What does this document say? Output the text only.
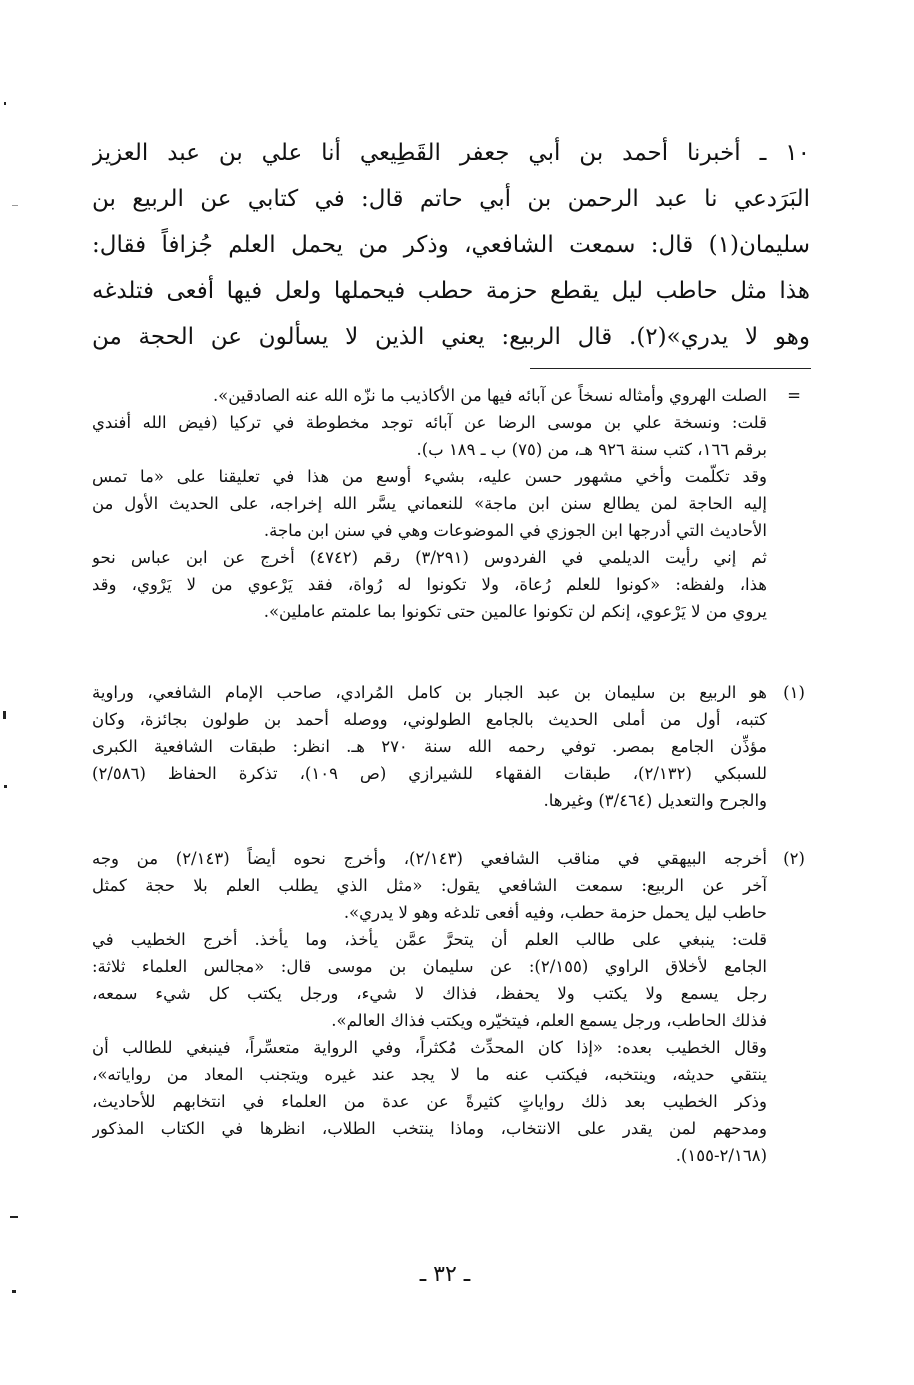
١٠ ـ أخبرنا أحمد بن أبي جعفر القَطِيعي أنا علي بن عبد العزيز
البَرَدعي نا عبد الرحمن بن أبي حاتم قال: في كتابي عن الربيع بن
سليمان(١) قال: سمعت الشافعي، وذكر من يحمل العلم جُزافاً فقال:
هذا مثل حاطب ليل يقطع حزمة حطب فيحملها ولعل فيها أفعى فتلدغه
وهو لا يدري»(٢). قال الربيع: يعني الذين لا يسألون عن الحجة من
=
الصلت الهروي وأمثاله نسخاً عن آبائه فيها من الأكاذيب ما نزّه الله عنه الصادقين».
قلت: ونسخة علي بن موسى الرضا عن آبائه توجد مخطوطة في تركيا (فيض الله أفندي
برقم ١٦٦، كتب سنة ٩٢٦ هـ، من (٧٥) ب ـ ١٨٩ ب).
وقد تكلّمت وأخي مشهور حسن عليه، بشيء أوسع من هذا في تعليقنا على «ما تمس
إليه الحاجة لمن يطالع سنن ابن ماجة» للنعماني يسَّر الله إخراجه، على الحديث الأول من
الأحاديث التي أدرجها ابن الجوزي في الموضوعات وهي في سنن ابن ماجة.
ثم إني رأيت الديلمي في الفردوس (٣/٢٩١) رقم (٤٧٤٢) أخرج عن ابن عباس نحو
هذا، ولفظه: «كونوا للعلم رُعاة، ولا تكونوا له رُواة، فقد يَرْعوي من لا يَرْوي، وقد
يروي من لا يَرْعوي، إنكم لن تكونوا عالمين حتى تكونوا بما علمتم عاملين».
(١)
هو الربيع بن سليمان بن عبد الجبار بن كامل المُرادي، صاحب الإمام الشافعي، وراوية
كتبه، أول من أملى الحديث بالجامع الطولوني، ووصله أحمد بن طولون بجائزة، وكان
مؤذِّن الجامع بمصر. توفي رحمه الله سنة ٢٧٠ هـ. انظر: طبقات الشافعية الكبرى
للسبكي (٢/١٣٢)، طبقات الفقهاء للشيرازي (ص ١٠٩)، تذكرة الحفاظ (٢/٥٨٦)
والجرح والتعديل (٣/٤٦٤) وغيرها.
(٢)
أخرجه البيهقي في مناقب الشافعي (٢/١٤٣)، وأخرج نحوه أيضاً (٢/١٤٣) من وجه
آخر عن الربيع: سمعت الشافعي يقول: «مثل الذي يطلب العلم بلا حجة كمثل
حاطب ليل يحمل حزمة حطب، وفيه أفعى تلدغه وهو لا يدري».
قلت: ينبغي على طالب العلم أن يتحرَّ عمَّن يأخذ، وما يأخذ. أخرج الخطيب في
الجامع لأخلاق الراوي (٢/١٥٥): عن سليمان بن موسى قال: «مجالس العلماء ثلاثة:
رجل يسمع ولا يكتب ولا يحفظ، فذاك لا شيء، ورجل يكتب كل شيء سمعه،
فذلك الحاطب، ورجل يسمع العلم، فيتخيّره ويكتب فذاك العالم».
وقال الخطيب بعده: «إذا كان المحدِّث مُكثراً، وفي الرواية متعسِّراً، فينبغي للطالب أن
ينتقي حديثه، وينتخبه، فيكتب عنه ما لا يجد عند غيره ويتجنب المعاد من رواياته»،
وذكر الخطيب بعد ذلك رواياتٍ كثيرةً عن عدة من العلماء في انتخابهم للأحاديث،
ومدحهم لمن يقدر على الانتخاب، وماذا ينتخب الطلاب، انظرها في الكتاب المذكور
(٢/١٦٨-١٥٥).
ـ ٣٢ ـ
